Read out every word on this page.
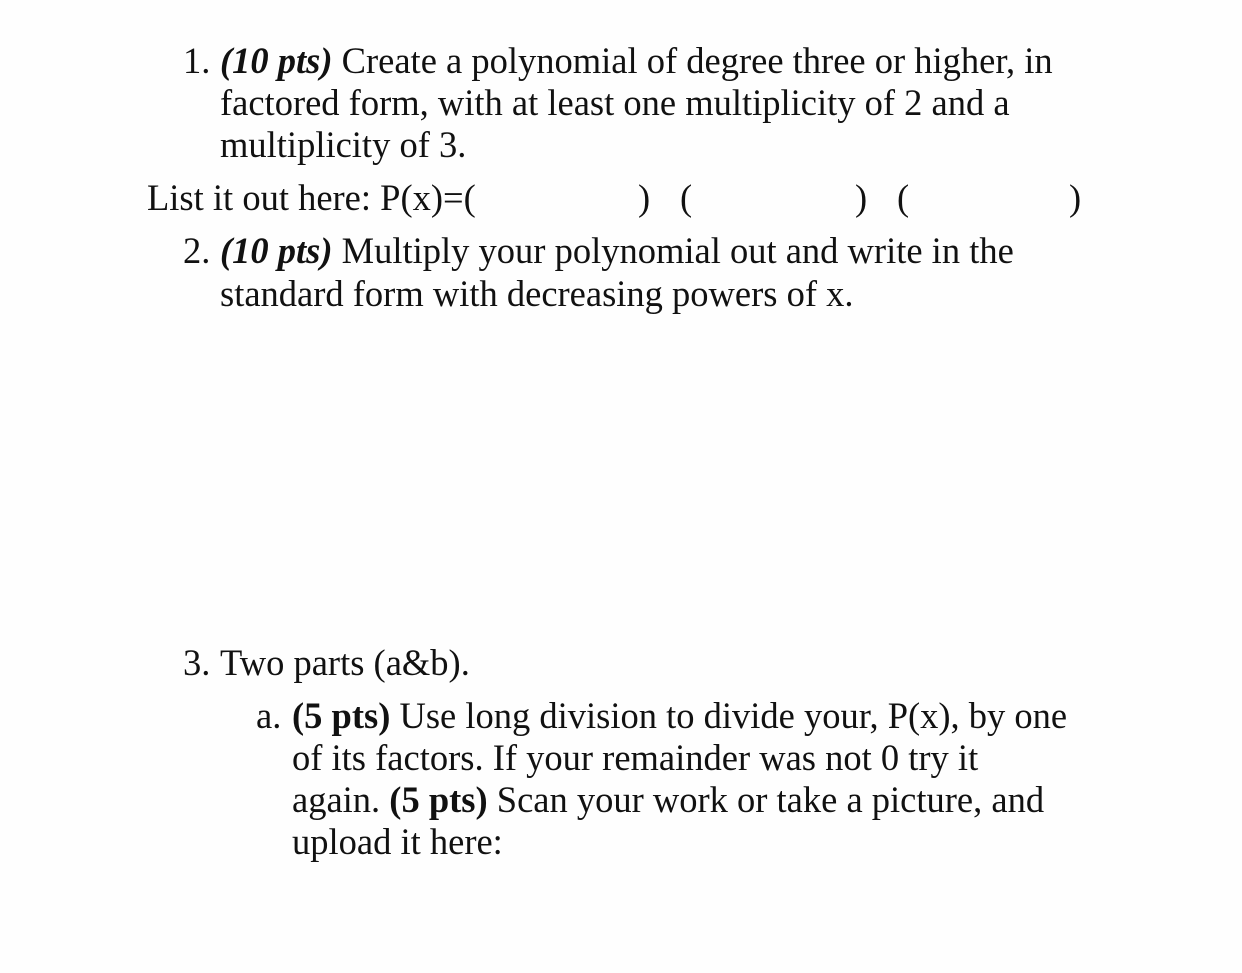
1. (10 pts) Create a polynomial of degree three or higher, in
factored form, with at least one multiplicity of 2 and a
multiplicity of 3.
List it out here: P(x)=(	) (	) (	)
2. (10 pts) Multiply your polynomial out and write in the
standard form with decreasing powers of x.
3. Two parts (a&b).
a. (5 pts) Use long division to divide your, P(x), by one
of its factors. If your remainder was not 0 try it
again. (5 pts) Scan your work or take a picture, and
upload it here:
